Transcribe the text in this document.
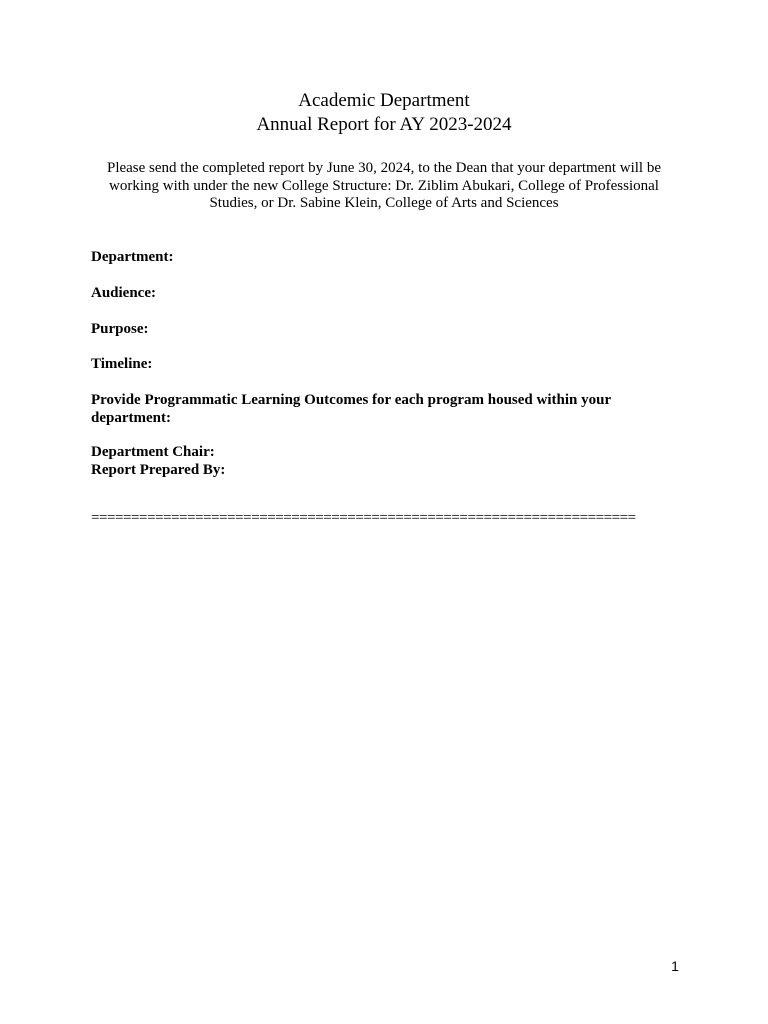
Academic Department
Annual Report for AY 2023-2024
Please send the completed report by June 30, 2024, to the Dean that your department will be working with under the new College Structure: Dr. Ziblim Abukari, College of Professional Studies, or Dr. Sabine Klein, College of Arts and Sciences
Department:
Audience:
Purpose:
Timeline:
Provide Programmatic Learning Outcomes for each program housed within your department:
Department Chair:
Report Prepared By:
====================================================================
1
